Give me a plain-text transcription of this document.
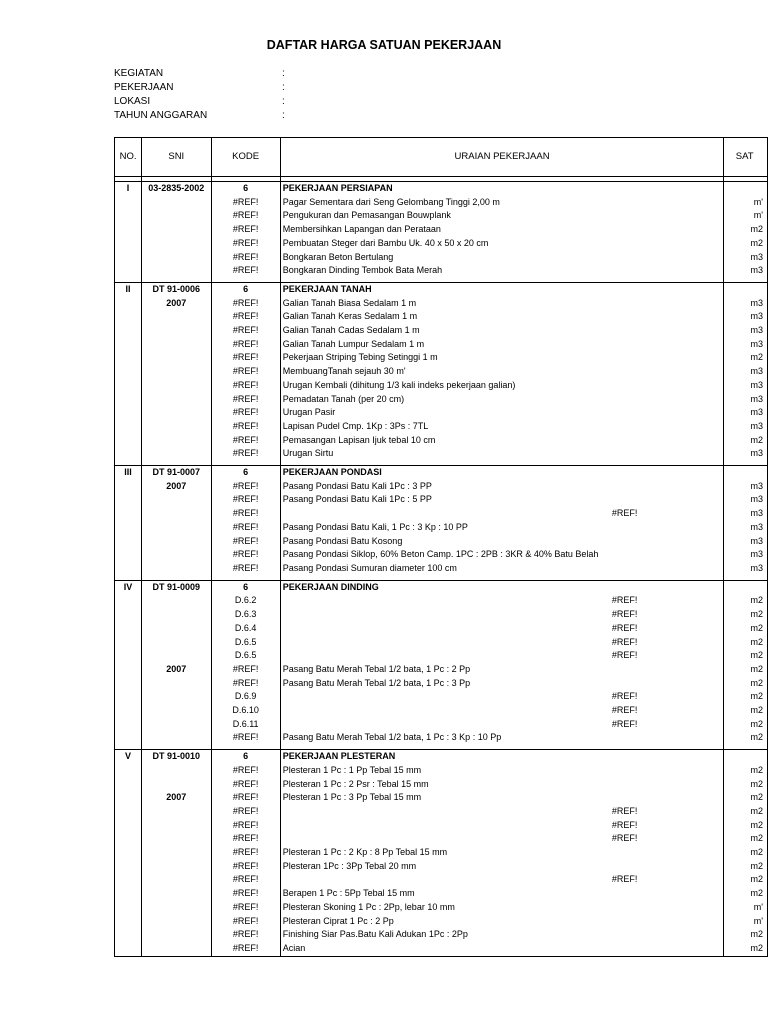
DAFTAR HARGA SATUAN PEKERJAAN
KEGIATAN	:
PEKERJAAN	:
LOKASI	:
TAHUN ANGGARAN	:
NO.	SNI	KODE	URAIAN PEKERJAAN	SAT

I	03-2835-2002	6	PEKERJAAN PERSIAPAN	
		#REF!	Pagar Sementara dari Seng Gelombang Tinggi 2,00 m	m'
		#REF!	Pengukuran dan Pemasangan Bouwplank	m'
		#REF!	Membersihkan Lapangan dan Perataan	m2
		#REF!	Pembuatan Steger dari Bambu Uk. 40 x 50 x 20 cm	m2
		#REF!	Bongkaran Beton Bertulang	m3
		#REF!	Bongkaran Dinding Tembok Bata Merah	m3

II	DT 91-0006	6	PEKERJAAN TANAH	
	2007	#REF!	Galian Tanah Biasa Sedalam 1 m	m3
		#REF!	Galian Tanah Keras Sedalam 1 m	m3
		#REF!	Galian Tanah Cadas Sedalam 1 m	m3
		#REF!	Galian Tanah Lumpur Sedalam 1 m	m3
		#REF!	Pekerjaan Striping Tebing Setinggi 1 m	m2
		#REF!	MembuangTanah sejauh 30 m'	m3
		#REF!	Urugan Kembali (dihitung 1/3 kali indeks pekerjaan galian)	m3
		#REF!	Pemadatan Tanah (per 20 cm)	m3
		#REF!	Urugan Pasir	m3
		#REF!	Lapisan Pudel Cmp. 1Kp : 3Ps : 7TL	m3
		#REF!	Pemasangan Lapisan Ijuk tebal 10 cm	m2
		#REF!	Urugan Sirtu	m3

III	DT 91-0007	6	PEKERJAAN PONDASI	
	2007	#REF!	Pasang Pondasi Batu Kali 1Pc : 3 PP	m3
		#REF!	Pasang Pondasi Batu Kali 1Pc : 5 PP	m3
		#REF!	#REF!	m3
		#REF!	Pasang Pondasi Batu Kali, 1 Pc : 3 Kp : 10 PP	m3
		#REF!	Pasang Pondasi Batu Kosong	m3
		#REF!	Pasang Pondasi Siklop, 60% Beton Camp. 1PC : 2PB : 3KR & 40% Batu Belah	m3
		#REF!	Pasang Pondasi Sumuran diameter 100 cm	m3

IV	DT 91-0009	6	PEKERJAAN DINDING	
		D.6.2	#REF!	m2
		D.6.3	#REF!	m2
		D.6.4	#REF!	m2
		D.6.5	#REF!	m2
		D.6.5	#REF!	m2
	2007	#REF!	Pasang Batu Merah Tebal 1/2 bata, 1 Pc : 2 Pp	m2
		#REF!	Pasang Batu Merah Tebal 1/2 bata, 1 Pc : 3 Pp	m2
		D.6.9	#REF!	m2
		D.6.10	#REF!	m2
		D.6.11	#REF!	m2
		#REF!	Pasang Batu Merah Tebal 1/2 bata, 1 Pc : 3 Kp : 10 Pp	m2

V	DT 91-0010	6	PEKERJAAN PLESTERAN	
		#REF!	Plesteran 1 Pc : 1 Pp Tebal 15 mm	m2
		#REF!	Plesteran 1 Pc : 2 Psr : Tebal 15 mm	m2
	2007	#REF!	Plesteran 1 Pc : 3 Pp Tebal 15 mm	m2
		#REF!	#REF!	m2
		#REF!	#REF!	m2
		#REF!	#REF!	m2
		#REF!	Plesteran 1 Pc : 2 Kp : 8 Pp Tebal 15 mm	m2
		#REF!	Plesteran 1Pc : 3Pp Tebal 20 mm	m2
		#REF!	#REF!	m2
		#REF!	Berapen 1 Pc : 5Pp Tebal 15 mm	m2
		#REF!	Plesteran Skoning 1 Pc : 2Pp, lebar 10 mm	m'
		#REF!	Plesteran Ciprat 1 Pc : 2 Pp	m'
		#REF!	Finishing Siar Pas.Batu Kali Adukan 1Pc : 2Pp	m2
		#REF!	Acian	m2
